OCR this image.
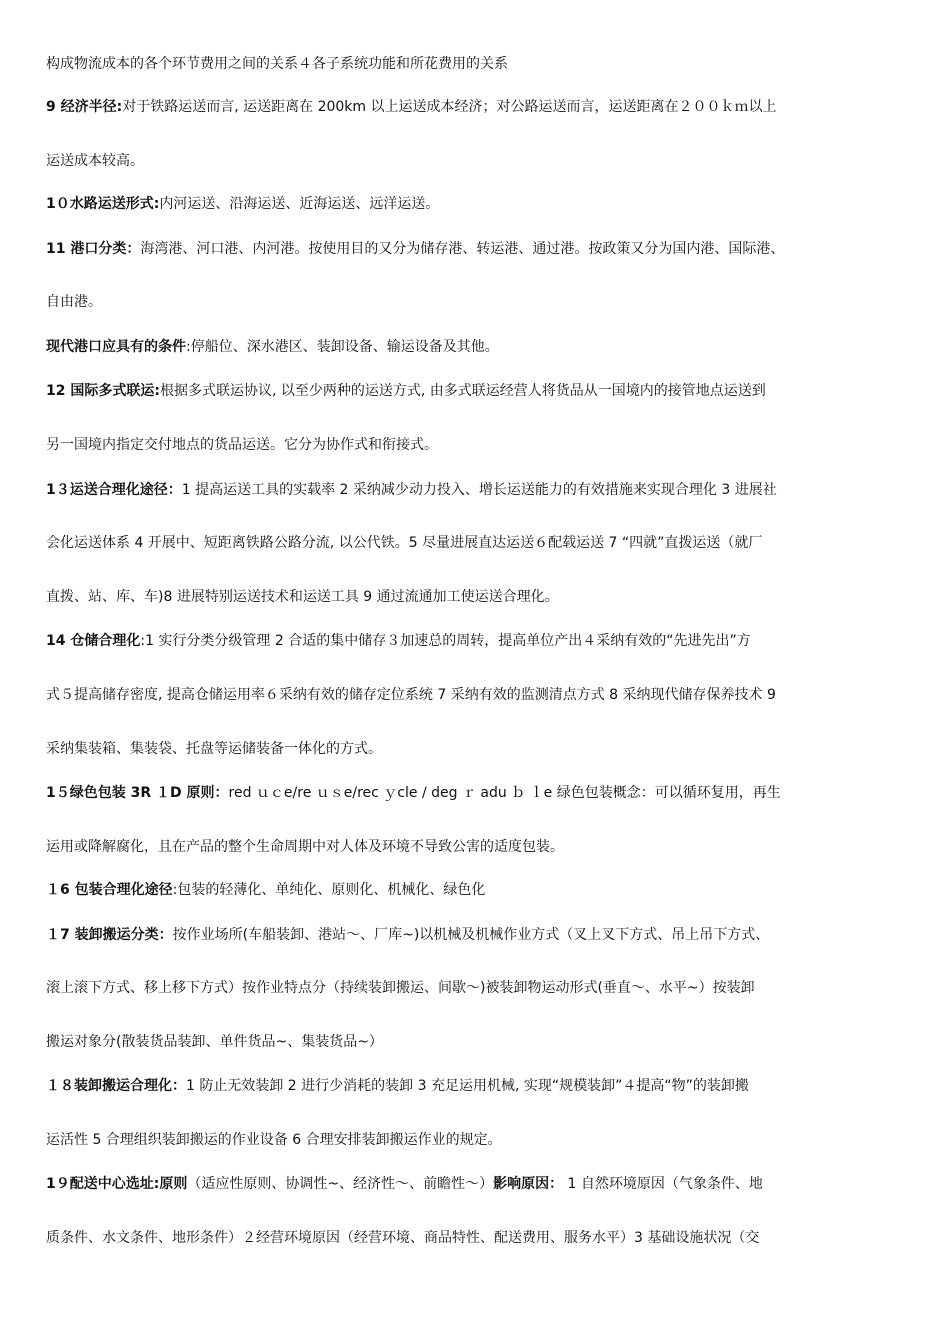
构成物流成本的各个环节费用之间的关系４各子系统功能和所花费用的关系
9 经济半径:对于铁路运送而言, 运送距离在 200km 以上运送成本经济；对公路运送而言，运送距离在２００ｋｍ以上
运送成本较高。
1０水路运送形式:内河运送、沿海运送、近海运送、远洋运送。
11 港口分类：海湾港、河口港、内河港。按使用目的又分为储存港、转运港、通过港。按政策又分为国内港、国际港、
自由港。
现代港口应具有的条件:停船位、深水港区、装卸设备、输运设备及其他。
12 国际多式联运:根据多式联运协议, 以至少两种的运送方式, 由多式联运经营人将货品从一国境内的接管地点运送到
另一国境内指定交付地点的货品运送。它分为协作式和衔接式。
1３运送合理化途径：1 提高运送工具的实载率 2 采纳减少动力投入、增长运送能力的有效措施来实现合理化 3 进展社
会化运送体系 4 开展中、短距离铁路公路分流, 以公代铁。5 尽量进展直达运送６配载运送 7 “四就”直拨运送（就厂
直拨、站、库、车)8 进展特别运送技术和运送工具 9 通过流通加工使运送合理化。
14 仓储合理化:1 实行分类分级管理 2 合适的集中储存３加速总的周转，提高单位产出４采纳有效的“先进先出”方
式５提高储存密度, 提高仓储运用率６采纳有效的储存定位系统 7 采纳有效的监测清点方式 8 采纳现代储存保养技术 9
采纳集装箱、集装袋、托盘等运储装备一体化的方式。
1５绿色包装 3R １D 原则：red ｕｃe/re ｕｓe/rec ｙcle / deg ｒ adu ｂ ｌe 绿色包装概念：可以循环复用，再生
运用或降解腐化，且在产品的整个生命周期中对人体及环境不导致公害的适度包装。
１6 包装合理化途径:包装的轻薄化、单纯化、原则化、机械化、绿色化
１7 装卸搬运分类：按作业场所(车船装卸、港站～、厂库~)以机械及机械作业方式（叉上叉下方式、吊上吊下方式、
滚上滚下方式、移上移下方式）按作业特点分（持续装卸搬运、间歇～)被装卸物运动形式(垂直～、水平~）按装卸
搬运对象分(散装货品装卸、单件货品~、集装货品~）
１８装卸搬运合理化：1 防止无效装卸 2 进行少消耗的装卸 3 充足运用机械, 实现“规模装卸”４提高“物”的装卸搬
运活性 5 合理组织装卸搬运的作业设备 6 合理安排装卸搬运作业的规定。
1９配送中心选址:原则（适应性原则、协调性~、经济性～、前瞻性～）影响原因： 1 自然环境原因（气象条件、地
质条件、水文条件、地形条件）２经营环境原因（经营环境、商品特性、配送费用、服务水平）3 基础设施状况（交
